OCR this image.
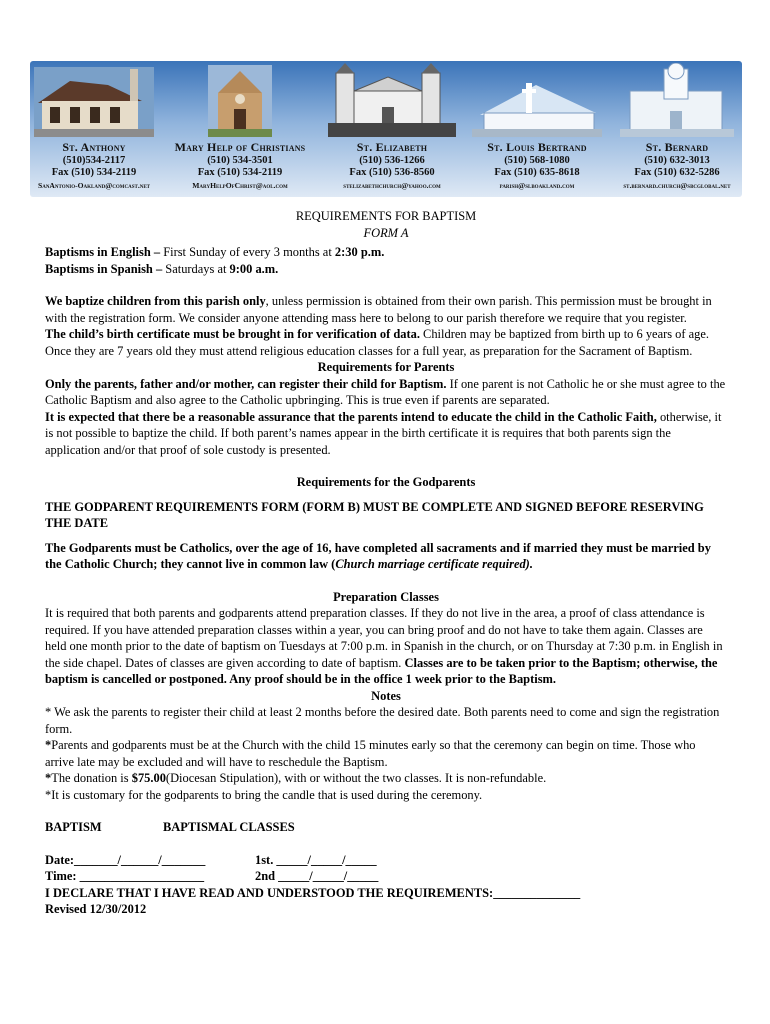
St. Anthony
(510)534-2117
Fax (510) 534-2119
SanAntonio-Oakland@comcast.net
Mary Help of Christians
(510) 534-3501
Fax (510) 534-2119
MaryHelpOfChrist@aol.com
St. Elizabeth
(510) 536-1266
Fax (510) 536-8560
stelizabethchurch@yahoo.com
St. Louis Bertrand
(510) 568-1080
Fax (510) 635-8618
parish@slboakland.com
St. Bernard
(510) 632-3013
Fax (510) 632-5286
st.bernard.church@sbcglobal.net

REQUIREMENTS FOR BAPTISM

FORM A

Baptisms in English – First Sunday of every 3 months at 2:30 p.m.

Baptisms in Spanish – Saturdays at 9:00 a.m.

We baptize children from this parish only, unless permission is obtained from their own parish. This permission must be brought in with the registration form. We consider anyone attending mass here to belong to our parish therefore we require that you register.

The child’s birth certificate must be brought in for verification of data. Children may be baptized from birth up to 6 years of age. Once they are 7 years old they must attend religious education classes for a full year, as preparation for the Sacrament of Baptism.

Requirements for Parents

Only the parents, father and/or mother, can register their child for Baptism. If one parent is not Catholic he or she must agree to the Catholic Baptism and also agree to the Catholic upbringing. This is true even if parents are separated.

It is expected that there be a reasonable assurance that the parents intend to educate the child in the Catholic Faith, otherwise, it is not possible to baptize the child. If both parent’s names appear in the birth certificate it is requires that both parents sign the application and/or that proof of sole custody is presented.

Requirements for the Godparents

THE GODPARENT REQUIREMENTS FORM (FORM B) MUST BE COMPLETE AND SIGNED BEFORE RESERVING THE DATE

The Godparents must be Catholics, over the age of 16, have completed all sacraments and if married they must be married by the Catholic Church; they cannot live in common law (Church marriage certificate required).

Preparation Classes

It is required that both parents and godparents attend preparation classes. If they do not live in the area, a proof of class attendance is required. If you have attended preparation classes within a year, you can bring proof and do not have to take them again. Classes are held one month prior to the date of baptism on Tuesdays at 7:00 p.m. in Spanish in the church, or on Thursday at 7:30 p.m. in English in the side chapel. Dates of classes are given according to date of baptism. Classes are to be taken prior to the Baptism; otherwise, the baptism is cancelled or postponed. Any proof should be in the office 1 week prior to the Baptism.

Notes

* We ask the parents to register their child at least 2 months before the desired date. Both parents need to come and sign the registration form.

*Parents and godparents must be at the Church with the child 15 minutes early so that the ceremony can begin on time. Those who arrive late may be excluded and will have to reschedule the Baptism.

*The donation is $75.00(Diocesan Stipulation), with or without the two classes. It is non-refundable.

*It is customary for the godparents to bring the candle that is used during the ceremony.

BAPTISM	BAPTISMAL CLASSES

Date:_______/______/_______	1st. _____/_____/_____

Time: ____________________	2nd _____/_____/_____

I DECLARE THAT I HAVE READ AND UNDERSTOOD THE REQUIREMENTS:______________

Revised 12/30/2012
